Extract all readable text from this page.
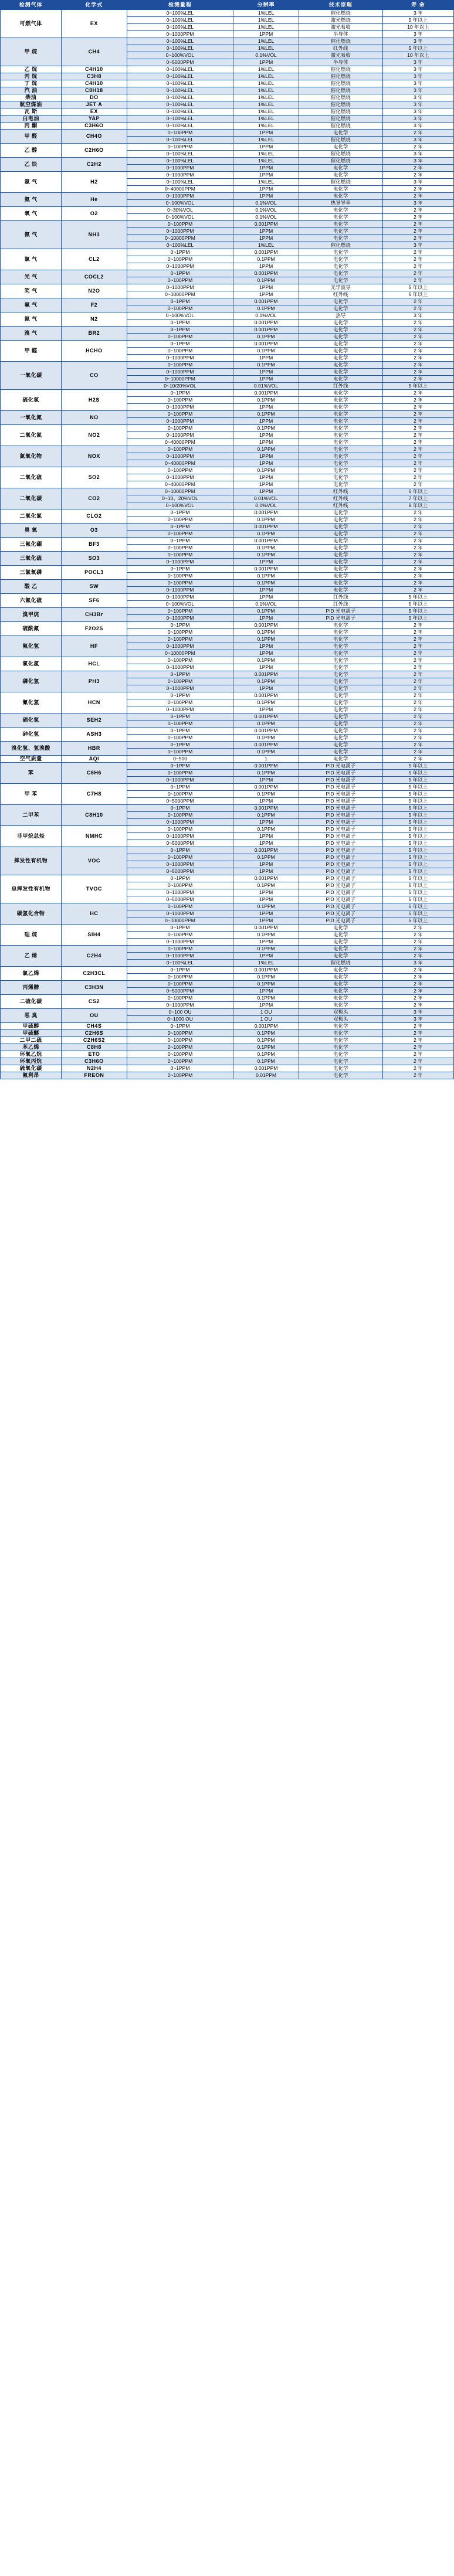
检测气体	化学式	检测量程	分辨率	技术原理	寿 命
可燃气体	EX	0~100%LEL	1%LEL	催化燃烧	3 年
		0~100%LEL	1%LEL	激光燃烧	5 年以上
		0~100%LEL	1%LEL	激光吸收	10 年以上
		0~1000PPM	1PPM	半导体	3 年
甲 烷	CH4	0~100%LEL	1%LEL	催化燃烧	3 年
		0~100%LEL	1%LEL	红外线	5 年以上
		0~100%VOL	0.1%VOL	激光吸收	10 年以上
		0~5000PPM	1PPM	半导体	3 年
乙 烷	C4H10	0~100%LEL	1%LEL	催化燃烧	3 年
丙 烷	C3H8	0~100%LEL	1%LEL	催化燃烧	3 年
丁 烷	C4H10	0~100%LEL	1%LEL	催化燃烧	3 年
汽 油	C8H18	0~100%LEL	1%LEL	催化燃烧	3 年
柴油	DO	0~100%LEL	1%LEL	催化燃烧	3 年
航空煤油	JET A	0~100%LEL	1%LEL	催化燃烧	3 年
瓦 斯	EX	0~100%LEL	1%LEL	催化燃烧	3 年
白电油	YAP	0~100%LEL	1%LEL	催化燃烧	3 年
丙 酮	C3H6O	0~100%LEL	1%LEL	催化燃烧	3 年
甲 醛	CH4O	0~100PPM	1PPM	电化学	2 年
		0~100%LEL	1%LEL	催化燃烧	3 年
乙 醇	C2H6O	0~100PPM	1PPM	电化学	2 年
		0~100%LEL	1%LEL	催化燃烧	3 年
乙 炔	C2H2	0~100%LEL	1%LEL	催化燃烧	3 年
		0~1000PPM	1PPM	电化学	2 年
氢 气	H2	0~1000PPM	1PPM	电化学	2 年
		0~100%LEL	1%LEL	催化燃烧	3 年
		0~40000PPM	1PPM	电化学	2 年
氦 气	He	0~1000PPM	1PPM	电化学	2 年
		0~100%VOL	0.1%VOL	热导导率	3 年
氧 气	O2	0~30%VOL	0.1%VOL	电化学	2 年
		0~100%VOL	0.1%VOL	电化学	2 年
氨 气	NH3	0~100PPM	0.001PPM	电化学	2 年
		0~1000PPM	1PPM	电化学	2 年
		0~10000PPM	1PPM	电化学	2 年
		0~100%LEL	1%LEL	催化燃烧	3 年
氯 气	CL2	0~1PPM	0.001PPM	电化学	2 年
		0~100PPM	0.1PPM	电化学	2 年
		0~1000PPM	1PPM	电化学	2 年
光 气	COCL2	0~1PPM	0.001PPM	电化学	2 年
		0~100PPM	0.1PPM	电化学	2 年
笑 气	N2O	0~1000PPM	1PPM	光学波导	5 年以上
		0~10000PPM	1PPM	红外线	5 年以上
氟 气	F2	0~1PPM	0.001PPM	电化学	2 年
		0~100PPM	0.1PPM	电化学	2 年
氮 气	N2	0~100%VOL	0.1%VOL	热导	3 年
		0~1PPM	0.001PPM	电化学	2 年
溴 气	BR2	0~1PPM	0.001PPM	电化学	2 年
		0~100PPM	0.1PPM	电化学	2 年
甲 醛	HCHO	0~1PPM	0.001PPM	电化学	2 年
		0~100PPM	0.1PPM	电化学	2 年
		0~1000PPM	1PPM	电化学	2 年
一氧化碳	CO	0~100PPM	0.1PPM	电化学	2 年
		0~1000PPM	1PPM	电化学	2 年
		0~10000PPM	1PPM	电化学	2 年
		0~10/20%VOL	0.01%VOL	红外线	5 年以上
硫化氢	H2S	0~1PPM	0.001PPM	电化学	2 年
		0~100PPM	0.1PPM	电化学	2 年
		0~1000PPM	1PPM	电化学	2 年
一氧化氮	NO	0~100PPM	0.1PPM	电化学	2 年
		0~1000PPM	1PPM	电化学	2 年
二氧化氮	NO2	0~100PPM	0.1PPM	电化学	2 年
		0~1000PPM	1PPM	电化学	2 年
		0~40000PPM	1PPM	电化学	2 年
氮氧化物	NOX	0~100PPM	0.1PPM	电化学	2 年
		0~1000PPM	1PPM	电化学	2 年
		0~40000PPM	1PPM	电化学	2 年
二氧化硫	SO2	0~100PPM	0.1PPM	电化学	2 年
		0~1000PPM	1PPM	电化学	2 年
		0~40000PPM	1PPM	电化学	2 年
二氧化碳	CO2	0~10000PPM	1PPM	红外线	6 年以上
		0~10、20%VOL	0.01%VOL	红外线	7 年以上
		0~100%VOL	0.1%VOL	红外线	8 年以上
二氧化氯	CLO2	0~1PPM	0.001PPM	电化学	2 年
		0~100PPM	0.1PPM	电化学	2 年
臭 氧	O3	0~1PPM	0.001PPM	电化学	2 年
		0~100PPM	0.1PPM	电化学	2 年
三氟化硼	BF3	0~1PPM	0.001PPM	电化学	2 年
		0~100PPM	0.1PPM	电化学	2 年
三氧化硫	SO3	0~100PPM	0.1PPM	电化学	2 年
		0~1000PPM	1PPM	电化学	2 年
三氯氧磷	POCL3	0~1PPM	0.001PPM	电化学	2 年
		0~100PPM	0.1PPM	电化学	2 年
酸 乙	SW	0~100PPM	0.1PPM	电化学	2 年
		0~1000PPM	1PPM	电化学	2 年
六氟化硫	SF6	0~1000PPM	1PPM	红外线	5 年以上
		0~100%VOL	0.1%VOL	红外线	5 年以上
溴甲烷	CH3Br	0~100PPM	0.1PPM	PID 光电离子	5 年以上
		0~1000PPM	1PPM	PID 光电离子	5 年以上
硫酰氟	F2O2S	0~1PPM	0.001PPM	电化学	2 年
		0~100PPM	0.1PPM	电化学	2 年
氟化氢	HF	0~100PPM	0.1PPM	电化学	2 年
		0~1000PPM	1PPM	电化学	2 年
		0~10000PPM	1PPM	电化学	2 年
氯化氢	HCL	0~100PPM	0.1PPM	电化学	2 年
		0~1000PPM	1PPM	电化学	2 年
磷化氢	PH3	0~1PPM	0.001PPM	电化学	2 年
		0~100PPM	0.1PPM	电化学	2 年
		0~1000PPM	1PPM	电化学	2 年
氰化氢	HCN	0~1PPM	0.001PPM	电化学	2 年
		0~100PPM	0.1PPM	电化学	2 年
		0~1000PPM	1PPM	电化学	2 年
硒化氢	SEH2	0~1PPM	0.001PPM	电化学	2 年
		0~100PPM	0.1PPM	电化学	2 年
砷化氢	ASH3	0~1PPM	0.001PPM	电化学	2 年
		0~100PPM	0.1PPM	电化学	2 年
溴化氢、氢溴酸	HBR	0~1PPM	0.001PPM	电化学	2 年
		0~100PPM	0.1PPM	电化学	2 年
空气质量	AQI	0~500	1	电化学	2 年
苯	C6H6	0~1PPM	0.001PPM	PID 光电离子	5 年以上
		0~100PPM	0.1PPM	PID 光电离子	5 年以上
		0~1000PPM	1PPM	PID 光电离子	5 年以上
甲 苯	C7H8	0~1PPM	0.001PPM	PID 光电离子	5 年以上
		0~100PPM	0.1PPM	PID 光电离子	5 年以上
		0~5000PPM	1PPM	PID 光电离子	5 年以上
二甲苯	C8H10	0~1PPM	0.001PPM	PID 光电离子	5 年以上
		0~100PPM	0.1PPM	PID 光电离子	5 年以上
		0~1000PPM	1PPM	PID 光电离子	5 年以上
非甲烷总烃	NMHC	0~100PPM	0.1PPM	PID 光电离子	5 年以上
		0~1000PPM	1PPM	PID 光电离子	5 年以上
		0~5000PPM	1PPM	PID 光电离子	5 年以上
挥发性有机物	VOC	0~1PPM	0.001PPM	PID 光电离子	5 年以上
		0~100PPM	0.1PPM	PID 光电离子	5 年以上
		0~1000PPM	1PPM	PID 光电离子	5 年以上
		0~5000PPM	1PPM	PID 光电离子	5 年以上
总挥发性有机物	TVOC	0~1PPM	0.001PPM	PID 光电离子	5 年以上
		0~100PPM	0.1PPM	PID 光电离子	5 年以上
		0~1000PPM	1PPM	PID 光电离子	5 年以上
		0~5000PPM	1PPM	PID 光电离子	5 年以上
碳氢化合物	HC	0~100PPM	0.1PPM	PID 光电离子	5 年以上
		0~1000PPM	1PPM	PID 光电离子	5 年以上
		0~10000PPM	1PPM	PID 光电离子	5 年以上
硅 烷	SIH4	0~1PPM	0.001PPM	电化学	2 年
		0~100PPM	0.1PPM	电化学	2 年
		0~1000PPM	1PPM	电化学	2 年
乙 烯	C2H4	0~100PPM	0.1PPM	电化学	2 年
		0~1000PPM	1PPM	电化学	2 年
		0~100%LEL	1%LEL	催化燃烧	3 年
氯乙烯	C2H3CL	0~1PPM	0.001PPM	电化学	2 年
		0~100PPM	0.1PPM	电化学	2 年
丙烯腈	C3H3N	0~100PPM	0.1PPM	电化学	2 年
		0~5000PPM	1PPM	电化学	2 年
二硫化碳	CS2	0~100PPM	0.1PPM	电化学	2 年
		0~1000PPM	1PPM	电化学	2 年
恶 臭	OU	0~100 OU	1 OU	双极头	3 年
		0~1000 OU	1 OU	双极头	3 年
甲硫醇	CH4S	0~1PPM	0.001PPM	电化学	2 年
甲硫醚	C2H6S	0~100PPM	0.1PPM	电化学	2 年
二甲二硫	C2H6S2	0~100PPM	0.1PPM	电化学	2 年
苯乙烯	C8H8	0~100PPM	0.1PPM	电化学	2 年
环氧乙烷	ETO	0~100PPM	0.1PPM	电化学	2 年
环氧丙烷	C3H6O	0~100PPM	0.1PPM	电化学	2 年
硫氧化碳	N2H4	0~1PPM	0.001PPM	电化学	2 年
氟利昂	FREON	0~100PPM	0.01PPM	电化学	2 年
